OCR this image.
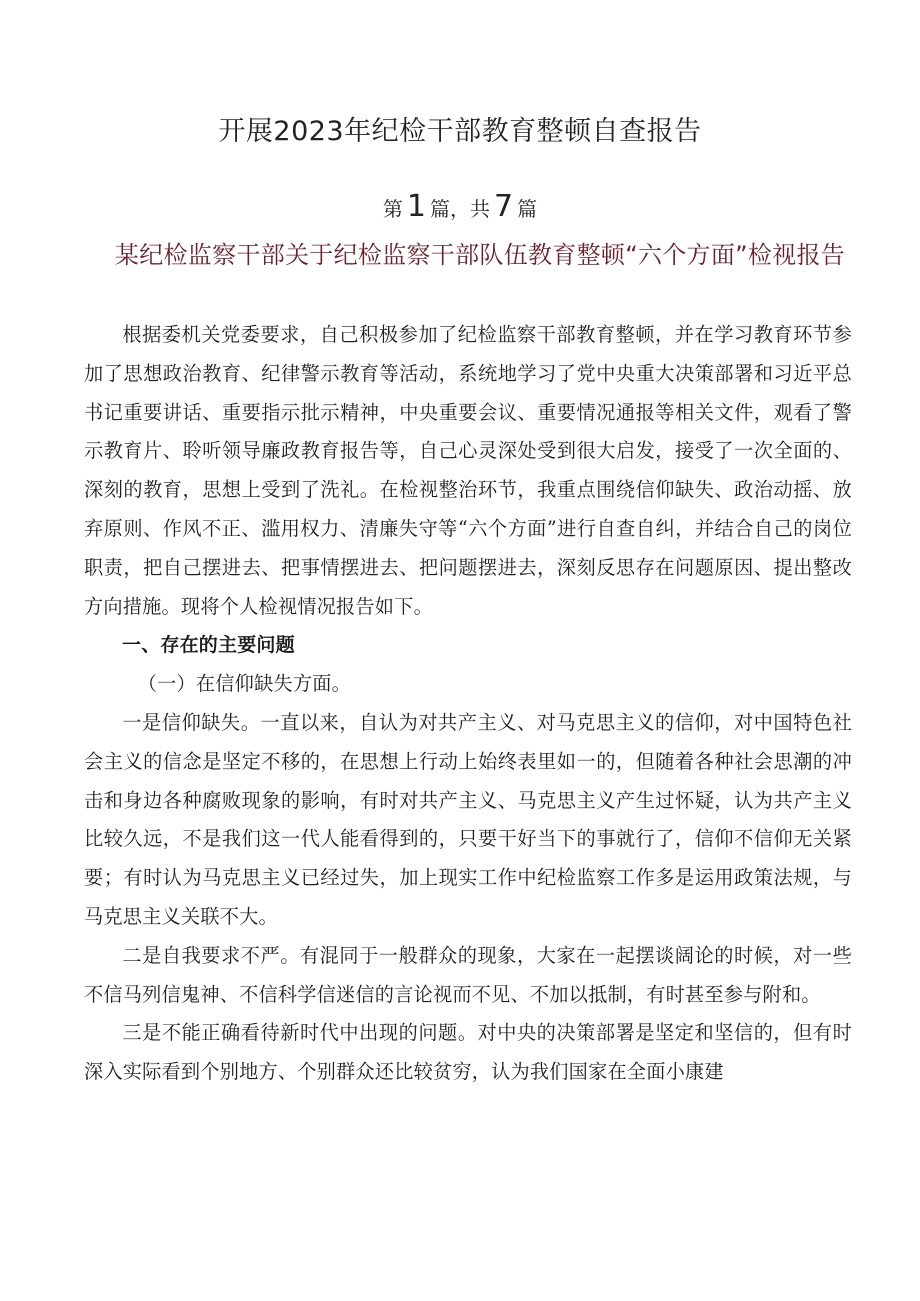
开展2023年纪检干部教育整顿自查报告
第 1 篇，共 7 篇
某纪检监察干部关于纪检监察干部队伍教育整顿“六个方面”检视报告

根据委机关党委要求，自己积极参加了纪检监察干部教育整顿，并在学习教育环节参加了思想政治教育、纪律警示教育等活动，系统地学习了党中央重大决策部署和习近平总书记重要讲话、重要指示批示精神，中央重要会议、重要情况通报等相关文件，观看了警示教育片、聆听领导廉政教育报告等，自己心灵深处受到很大启发，接受了一次全面的、深刻的教育，思想上受到了洗礼。在检视整治环节，我重点围绕信仰缺失、政治动摇、放弃原则、作风不正、滥用权力、清廉失守等“六个方面”进行自查自纠，并结合自己的岗位职责，把自己摆进去、把事情摆进去、把问题摆进去，深刻反思存在问题原因、提出整改方向措施。现将个人检视情况报告如下。

一、存在的主要问题

（一）在信仰缺失方面。

一是信仰缺失。一直以来，自认为对共产主义、对马克思主义的信仰，对中国特色社会主义的信念是坚定不移的，在思想上行动上始终表里如一的，但随着各种社会思潮的冲击和身边各种腐败现象的影响，有时对共产主义、马克思主义产生过怀疑，认为共产主义比较久远，不是我们这一代人能看得到的，只要干好当下的事就行了，信仰不信仰无关紧要；有时认为马克思主义已经过失，加上现实工作中纪检监察工作多是运用政策法规，与马克思主义关联不大。

二是自我要求不严。有混同于一般群众的现象，大家在一起摆谈阔论的时候，对一些不信马列信鬼神、不信科学信迷信的言论视而不见、不加以抵制，有时甚至参与附和。

三是不能正确看待新时代中出现的问题。对中央的决策部署是坚定和坚信的，但有时深入实际看到个别地方、个别群众还比较贫穷，认为我们国家在全面小康建
